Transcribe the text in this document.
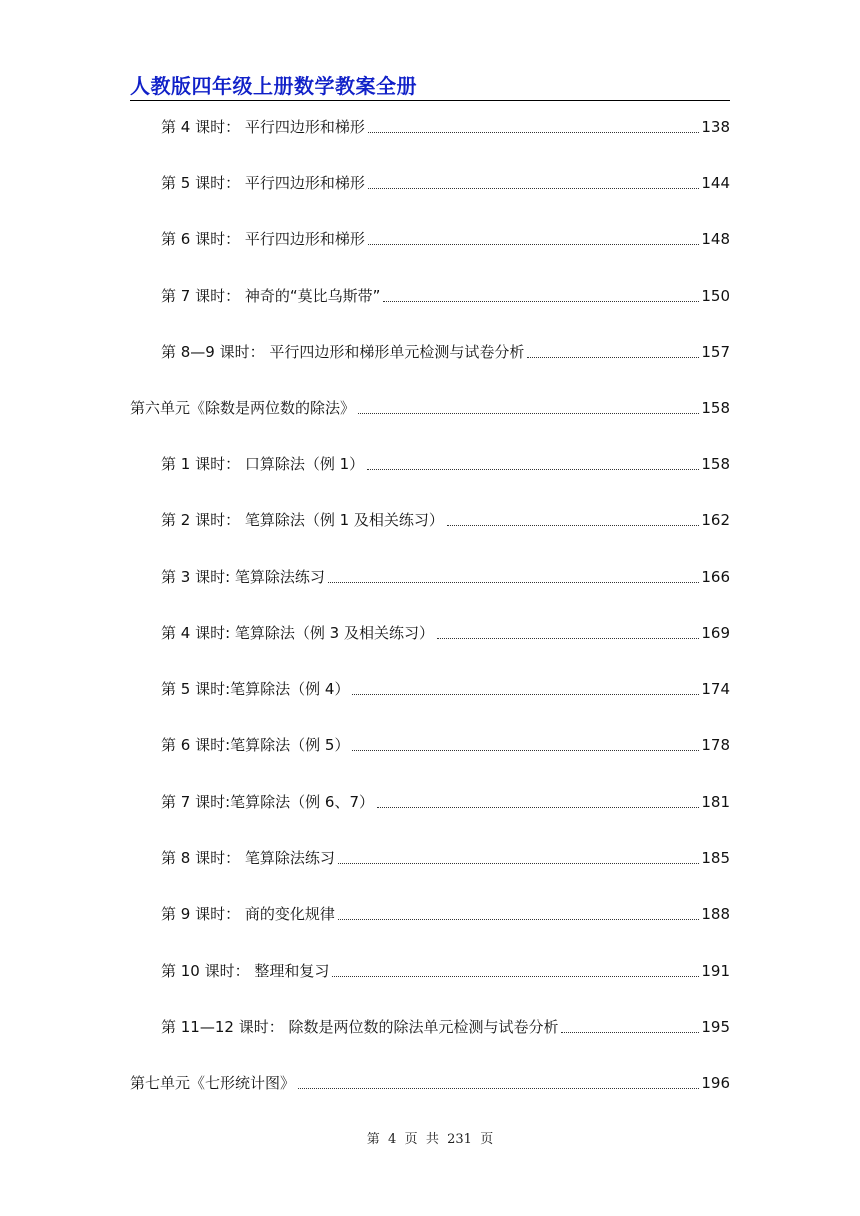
人教版四年级上册数学教案全册
第 4 课时： 平行四边形和梯形	138
第 5 课时： 平行四边形和梯形	144
第 6 课时： 平行四边形和梯形	148
第 7 课时： 神奇的“莫比乌斯带”	150
第 8—9 课时： 平行四边形和梯形单元检测与试卷分析	157
第六单元《除数是两位数的除法》	158
第 1 课时： 口算除法（例 1）	158
第 2 课时： 笔算除法（例 1 及相关练习）	162
第 3 课时: 笔算除法练习	166
第 4 课时: 笔算除法（例 3 及相关练习）	169
第 5 课时:笔算除法（例 4）	174
第 6 课时:笔算除法（例 5）	178
第 7 课时:笔算除法（例 6、7）	181
第 8 课时： 笔算除法练习	185
第 9 课时： 商的变化规律	188
第 10 课时： 整理和复习	191
第 11—12 课时： 除数是两位数的除法单元检测与试卷分析	195
第七单元《七形统计图》	196
第  4  页  共  231  页
